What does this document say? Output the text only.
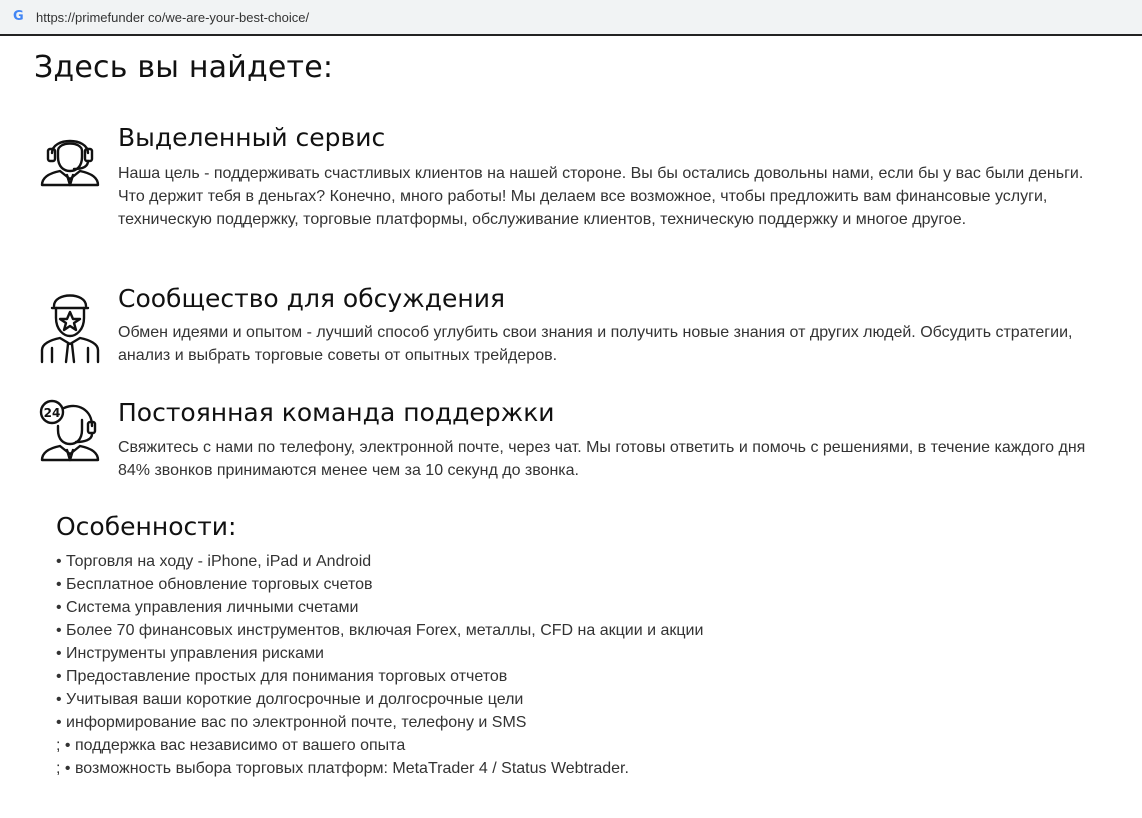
G https://primefunder co/we-are-your-best-choice/
Здесь вы найдете:
Выделенный сервис

Наша цель - поддерживать счастливых клиентов на нашей стороне. Вы бы остались довольны нами, если бы у вас были деньги. Что держит тебя в деньгах? Конечно, много работы! Мы делаем все возможное, чтобы предложить вам финансовые услуги, техническую поддержку, торговые платформы, обслуживание клиентов, техническую поддержку и многое другое.

Сообщество для обсуждения

Обмен идеями и опытом - лучший способ углубить свои знания и получить новые знания от других людей. Обсудить стратегии, анализ и выбрать торговые советы от опытных трейдеров.

24 Постоянная команда поддержки

Свяжитесь с нами по телефону, электронной почте, через чат. Мы готовы ответить и помочь с решениями, в течение каждого дня 84% звонков принимаются менее чем за 10 секунд до звонка.

Особенности:
• Торговля на ходу - iPhone, iPad и Android
• Бесплатное обновление торговых счетов
• Система управления личными счетами
• Более 70 финансовых инструментов, включая Forex, металлы, CFD на акции и акции
• Инструменты управления рисками
• Предоставление простых для понимания торговых отчетов
• Учитывая ваши короткие долгосрочные и долгосрочные цели
• информирование вас по электронной почте, телефону и SMS
; • поддержка вас независимо от вашего опыта
; • возможность выбора торговых платформ: MetaTrader 4 / Status Webtrader.
